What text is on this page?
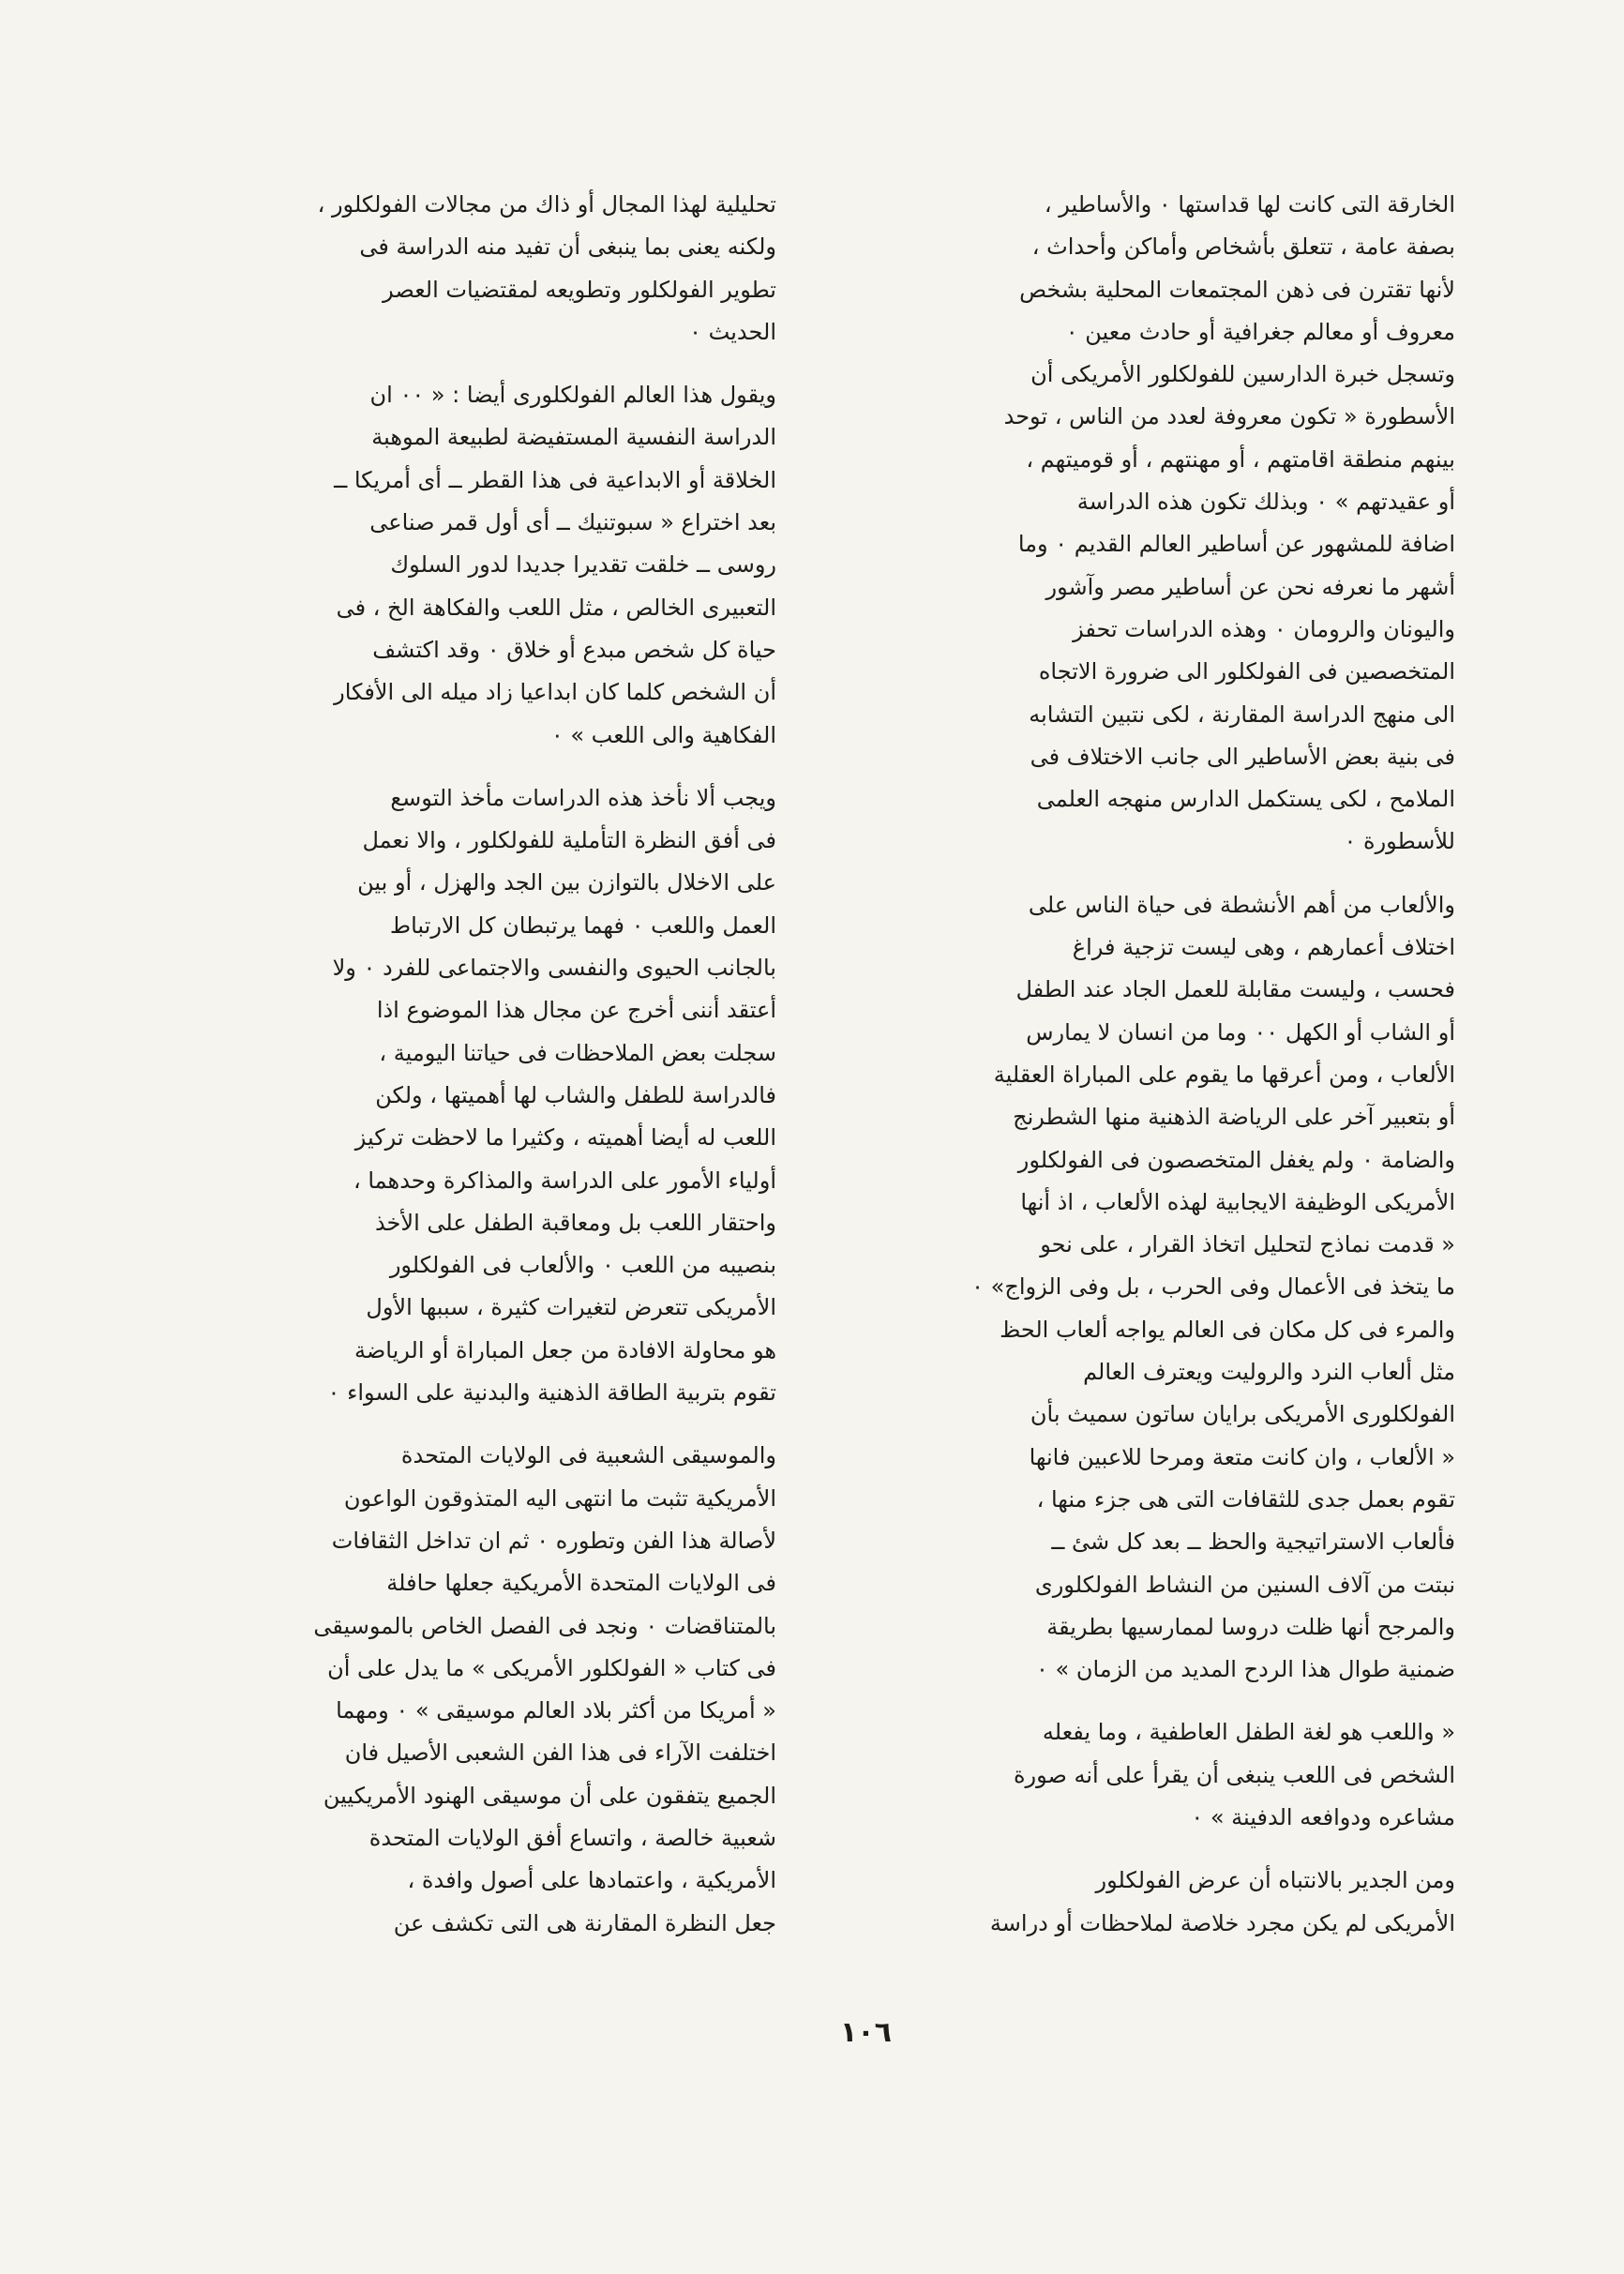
الخارقة التى كانت لها قداستها ٠ والأساطير ،
بصفة عامة ، تتعلق بأشخاص وأماكن وأحداث ،
لأنها تقترن فى ذهن المجتمعات المحلية بشخص
معروف أو معالم جغرافية أو حادث معين ٠
وتسجل خبرة الدارسين للفولكلور الأمريكى أن
الأسطورة « تكون معروفة لعدد من الناس ، توحد
بينهم منطقة اقامتهم ، أو مهنتهم ، أو قوميتهم ،
أو عقيدتهم » ٠ وبذلك تكون هذه الدراسة
اضافة للمشهور عن أساطير العالم القديم ٠ وما
أشهر ما نعرفه نحن عن أساطير مصر وآشور
واليونان والرومان ٠ وهذه الدراسات تحفز
المتخصصين فى الفولكلور الى ضرورة الاتجاه
الى منهج الدراسة المقارنة ، لكى نتبين التشابه
فى بنية بعض الأساطير الى جانب الاختلاف فى
الملامح ، لكى يستكمل الدارس منهجه العلمى
للأسطورة ٠

والألعاب من أهم الأنشطة فى حياة الناس على
اختلاف أعمارهم ، وهى ليست تزجية فراغ
فحسب ، وليست مقابلة للعمل الجاد عند الطفل
أو الشاب أو الكهل ٠٠ وما من انسان لا يمارس
الألعاب ، ومن أعرقها ما يقوم على المباراة العقلية
أو بتعبير آخر على الرياضة الذهنية منها الشطرنج
والضامة ٠ ولم يغفل المتخصصون فى الفولكلور
الأمريكى الوظيفة الايجابية لهذه الألعاب ، اذ أنها
« قدمت نماذج لتحليل اتخاذ القرار ، على نحو
ما يتخذ فى الأعمال وفى الحرب ، بل وفى الزواج» ٠
والمرء فى كل مكان فى العالم يواجه ألعاب الحظ
مثل ألعاب النرد والروليت ويعترف العالم
الفولكلورى الأمريكى برايان ساتون سميث بأن
« الألعاب ، وان كانت متعة ومرحا للاعبين فانها
تقوم بعمل جدى للثقافات التى هى جزء منها ،
فألعاب الاستراتيجية والحظ ــ بعد كل شئ ــ
نبتت من آلاف السنين من النشاط الفولكلورى
والمرجح أنها ظلت دروسا لممارسيها بطريقة
ضمنية طوال هذا الردح المديد من الزمان » ٠

« واللعب هو لغة الطفل العاطفية ، وما يفعله
الشخص فى اللعب ينبغى أن يقرأ على أنه صورة
مشاعره ودوافعه الدفينة » ٠

ومن الجدير بالانتباه أن عرض الفولكلور
الأمريكى لم يكن مجرد خلاصة لملاحظات أو دراسة

تحليلية لهذا المجال أو ذاك من مجالات الفولكلور ،
ولكنه يعنى بما ينبغى أن تفيد منه الدراسة فى
تطوير الفولكلور وتطويعه لمقتضيات العصر
الحديث ٠

ويقول هذا العالم الفولكلورى أيضا : « ٠٠ ان
الدراسة النفسية المستفيضة لطبيعة الموهبة
الخلاقة أو الابداعية فى هذا القطر ــ أى أمريكا ــ
بعد اختراع « سبوتنيك ــ أى أول قمر صناعى
روسى ــ خلقت تقديرا جديدا لدور السلوك
التعبيرى الخالص ، مثل اللعب والفكاهة الخ ، فى
حياة كل شخص مبدع أو خلاق ٠ وقد اكتشف
أن الشخص كلما كان ابداعيا زاد ميله الى الأفكار
الفكاهية والى اللعب » ٠

ويجب ألا نأخذ هذه الدراسات مأخذ التوسع
فى أفق النظرة التأملية للفولكلور ، والا نعمل
على الاخلال بالتوازن بين الجد والهزل ، أو بين
العمل واللعب ٠ فهما يرتبطان كل الارتباط
بالجانب الحيوى والنفسى والاجتماعى للفرد ٠ ولا
أعتقد أننى أخرج عن مجال هذا الموضوع اذا
سجلت بعض الملاحظات فى حياتنا اليومية ،
فالدراسة للطفل والشاب لها أهميتها ، ولكن
اللعب له أيضا أهميته ، وكثيرا ما لاحظت تركيز
أولياء الأمور على الدراسة والمذاكرة وحدهما ،
واحتقار اللعب بل ومعاقبة الطفل على الأخذ
بنصيبه من اللعب ٠ والألعاب فى الفولكلور
الأمريكى تتعرض لتغيرات كثيرة ، سببها الأول
هو محاولة الافادة من جعل المباراة أو الرياضة
تقوم بتربية الطاقة الذهنية والبدنية على السواء ٠

والموسيقى الشعبية فى الولايات المتحدة
الأمريكية تثبت ما انتهى اليه المتذوقون الواعون
لأصالة هذا الفن وتطوره ٠ ثم ان تداخل الثقافات
فى الولايات المتحدة الأمريكية جعلها حافلة
بالمتناقضات ٠ ونجد فى الفصل الخاص بالموسيقى
فى كتاب « الفولكلور الأمريكى » ما يدل على أن
« أمريكا من أكثر بلاد العالم موسيقى » ٠ ومهما
اختلفت الآراء فى هذا الفن الشعبى الأصيل فان
الجميع يتفقون على أن موسيقى الهنود الأمريكيين
شعبية خالصة ، واتساع أفق الولايات المتحدة
الأمريكية ، واعتمادها على أصول وافدة ،
جعل النظرة المقارنة هى التى تكشف عن

١٠٦
